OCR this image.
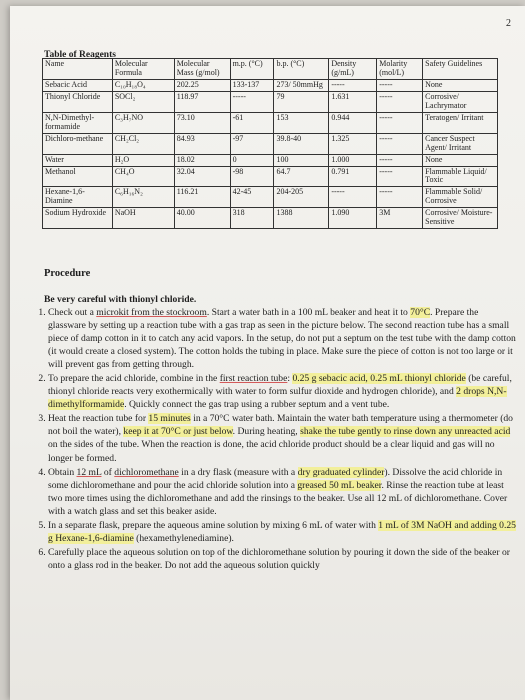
2
Table of Reagents
Name	Molecular Formula	Molecular Mass (g/mol)	m.p. (°C)	b.p. (°C)	Density (g/mL)	Molarity (mol/L)	Safety Guidelines
Sebacic Acid	C₁₀H₁₈O₄	202.25	133-137	273/ 50mmHg	-----	-----	None
Thionyl Chloride	SOCl₂	118.97	-----	79	1.631	-----	Corrosive/ Lachrymator
N,N-Dimethyl-formamide	C₃H₇NO	73.10	-61	153	0.944	-----	Teratogen/ Irritant
Dichloro-methane	CH₂Cl₂	84.93	-97	39.8-40	1.325	-----	Cancer Suspect Agent/ Irritant
Water	H₂O	18.02	0	100	1.000	-----	None
Methanol	CH₄O	32.04	-98	64.7	0.791	-----	Flammable Liquid/ Toxic
Hexane-1,6-Diamine	C₆H₁₆N₂	116.21	42-45	204-205	-----	-----	Flammable Solid/ Corrosive
Sodium Hydroxide	NaOH	40.00	318	1388	1.090	3M	Corrosive/ Moisture-Sensitive
Procedure
Be very careful with thionyl chloride.
1. Check out a microkit from the stockroom. Start a water bath in a 100 mL beaker and heat it to 70°C. Prepare the glassware by setting up a reaction tube with a gas trap as seen in the picture below. The second reaction tube has a small piece of damp cotton in it to catch any acid vapors. In the setup, do not put a septum on the test tube with the damp cotton (it would create a closed system). The cotton holds the tubing in place. Make sure the piece of cotton is not too large or it will prevent gas from getting through.
2. To prepare the acid chloride, combine in the first reaction tube: 0.25 g sebacic acid, 0.25 mL thionyl chloride (be careful, thionyl chloride reacts very exothermically with water to form sulfur dioxide and hydrogen chloride), and 2 drops N,N-dimethylformamide. Quickly connect the gas trap using a rubber septum and a vent tube.
3. Heat the reaction tube for 15 minutes in a 70°C water bath. Maintain the water bath temperature using a thermometer (do not boil the water), keep it at 70°C or just below. During heating, shake the tube gently to rinse down any unreacted acid on the sides of the tube. When the reaction is done, the acid chloride product should be a clear liquid and gas will no longer be formed.
4. Obtain 12 mL of dichloromethane in a dry flask (measure with a dry graduated cylinder). Dissolve the acid chloride in some dichloromethane and pour the acid chloride solution into a greased 50 mL beaker. Rinse the reaction tube at least two more times using the dichloromethane and add the rinsings to the beaker. Use all 12 mL of dichloromethane. Cover with a watch glass and set this beaker aside.
5. In a separate flask, prepare the aqueous amine solution by mixing 6 mL of water with 1 mL of 3M NaOH and adding 0.25 g Hexane-1,6-diamine (hexamethylenediamine).
6. Carefully place the aqueous solution on top of the dichloromethane solution by pouring it down the side of the beaker or onto a glass rod in the beaker. Do not add the aqueous solution quickly
